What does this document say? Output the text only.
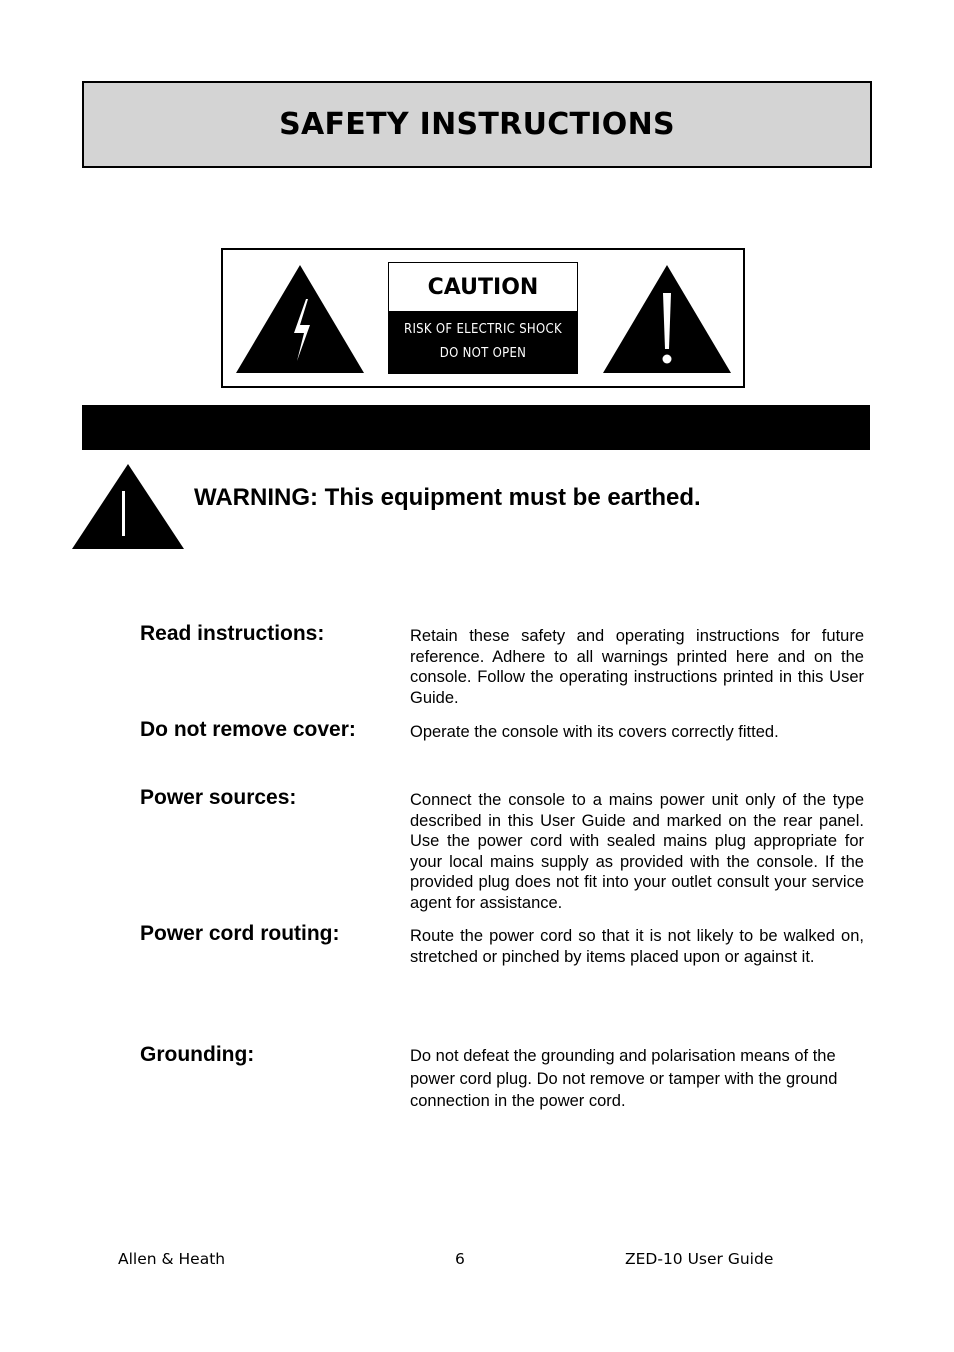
SAFETY INSTRUCTIONS
CAUTION
RISK OF ELECTRIC SHOCK
DO NOT OPEN
WARNING: This equipment must be earthed.
Read instructions:	Retain these safety and operating instructions for future reference. Adhere to all warnings printed here and on the console. Follow the operating instructions printed in this User Guide.
Do not remove cover:	Operate the console with its covers correctly fitted.
Power sources:	Connect the console to a mains power unit only of the type described in this User Guide and marked on the rear panel. Use the power cord with sealed mains plug appropriate for your local mains supply as provided with the console. If the provided plug does not fit into your outlet consult your service agent for assistance.
Power cord routing:	Route the power cord so that it is not likely to be walked on, stretched or pinched by items placed upon or against it.
Grounding:	Do not defeat the grounding and polarisation means of the power cord plug. Do not remove or tamper with the ground connection in the power cord.
Allen & Heath	6	ZED-10 User Guide
